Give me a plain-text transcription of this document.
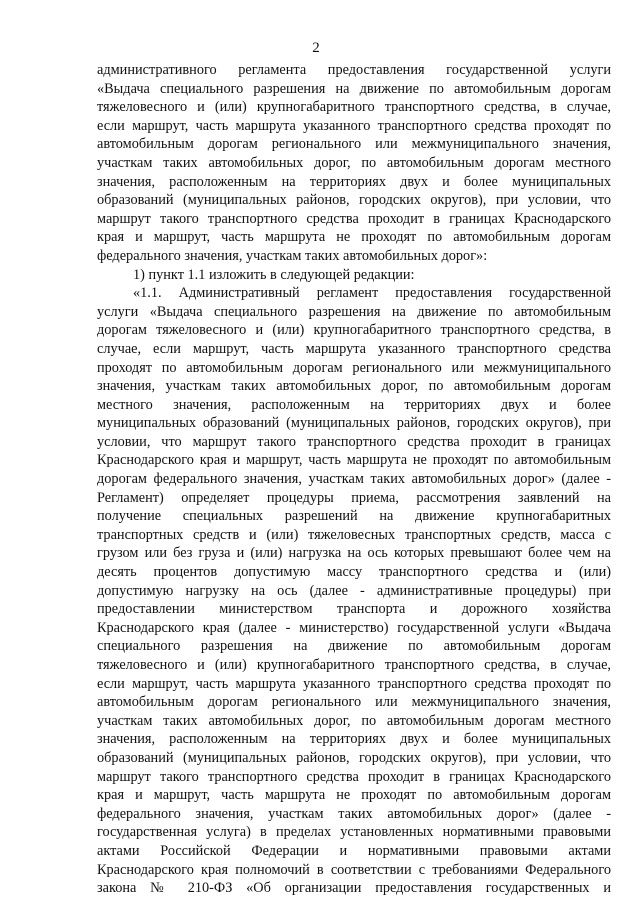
2
административного регламента предоставления государственной услуги
«Выдача специального разрешения на движение по автомобильным дорогам
тяжеловесного и (или) крупногабаритного транспортного средства, в случае,
если маршрут, часть маршрута указанного транспортного средства проходят по
автомобильным дорогам регионального или межмуниципального значения,
участкам таких автомобильных дорог, по автомобильным дорогам местного
значения, расположенным на территориях двух и более муниципальных
образований (муниципальных районов, городских округов), при условии, что
маршрут такого транспортного средства проходит в границах Краснодарского
края и маршрут, часть маршрута не проходят по автомобильным дорогам
федерального значения, участкам таких автомобильных дорог»:
1) пункт 1.1 изложить в следующей редакции:
«1.1. Административный регламент предоставления государственной
услуги «Выдача специального разрешения на движение по автомобильным
дорогам тяжеловесного и (или) крупногабаритного транспортного средства, в
случае, если маршрут, часть маршрута указанного транспортного средства
проходят по автомобильным дорогам регионального или межмуниципального
значения, участкам таких автомобильных дорог, по автомобильным дорогам
местного значения, расположенным на территориях двух и более
муниципальных образований (муниципальных районов, городских округов), при
условии, что маршрут такого транспортного средства проходит в границах
Краснодарского края и маршрут, часть маршрута не проходят по автомобильным
дорогам федерального значения, участкам таких автомобильных дорог» (далее -
Регламент) определяет процедуры приема, рассмотрения заявлений на
получение специальных разрешений на движение крупногабаритных
транспортных средств и (или) тяжеловесных транспортных средств, масса с
грузом или без груза и (или) нагрузка на ось которых превышают более чем на
десять процентов допустимую массу транспортного средства и (или)
допустимую нагрузку на ось (далее - административные процедуры) при
предоставлении министерством транспорта и дорожного хозяйства
Краснодарского края (далее - министерство) государственной услуги «Выдача
специального разрешения на движение по автомобильным дорогам
тяжеловесного и (или) крупногабаритного транспортного средства, в случае,
если маршрут, часть маршрута указанного транспортного средства проходят по
автомобильным дорогам регионального или межмуниципального значения,
участкам таких автомобильных дорог, по автомобильным дорогам местного
значения, расположенным на территориях двух и более муниципальных
образований (муниципальных районов, городских округов), при условии, что
маршрут такого транспортного средства проходит в границах Краснодарского
края и маршрут, часть маршрута не проходят по автомобильным дорогам
федерального значения, участкам таких автомобильных дорог» (далее -
государственная услуга) в пределах установленных нормативными правовыми
актами Российской Федерации и нормативными правовыми актами
Краснодарского края полномочий в соответствии с требованиями Федерального
закона № 210-ФЗ «Об организации предоставления государственных и
